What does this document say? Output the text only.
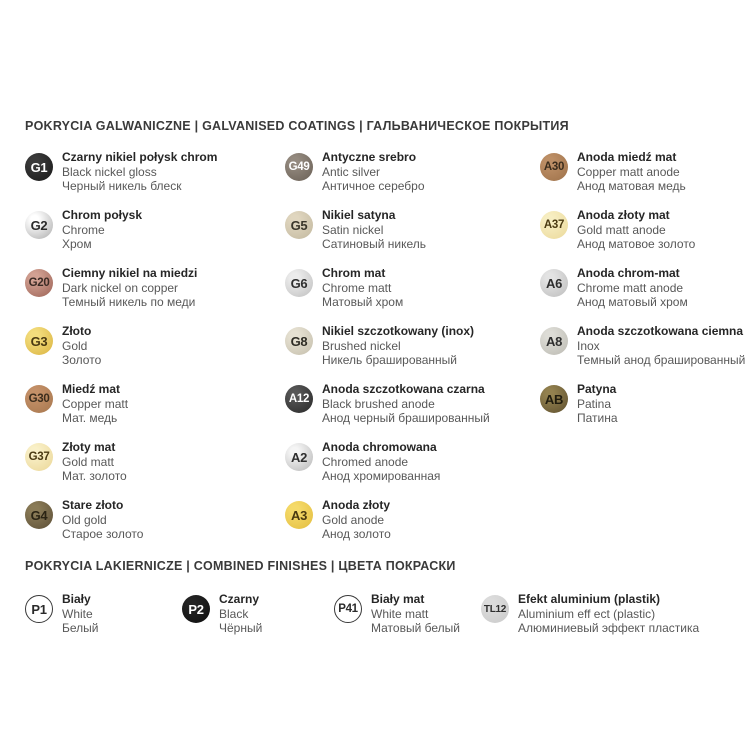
POKRYCIA GALWANICZNE | GALVANISED COATINGS | ГАЛЬВАНИЧЕСКОЕ ПОКРЫТИЯ
G1
Czarny nikiel połysk chrom
Black nickel gloss
Черный никель блеск
G2
Chrom połysk
Chrome
Хром
G20
Ciemny nikiel na miedzi
Dark nickel on copper
Темный никель по меди
G3
Złoto
Gold
Золото
G30
Miedź mat
Copper matt
Мат. медь
G37
Złoty mat
Gold matt
Мат. золото
G4
Stare złoto
Old gold
Старое золото
G49
Antyczne srebro
Antic silver
Античное серебро
G5
Nikiel satyna
Satin nickel
Сатиновый никель
G6
Chrom mat
Chrome matt
Матовый хром
G8
Nikiel szczotkowany (inox)
Brushed nickel
Никель брашированный
A12
Anoda szczotkowana czarna
Black brushed anode
Анод черный брашированный
A2
Anoda chromowana
Chromed anode
Анод хромированная
A3
Anoda złoty
Gold anode
Анод золото
A30
Anoda miedź mat
Copper matt anode
Анод матовая медь
A37
Anoda złoty mat
Gold matt anode
Анод матовое золото
A6
Anoda chrom-mat
Chrome matt anode
Анод матовый хром
A8
Anoda szczotkowana ciemna
Inox
Темный анод брашированный
AB
Patyna
Patina
Патина
POKRYCIA LAKIERNICZE | COMBINED FINISHES | ЦВЕТА ПОКРАСКИ
P1
Biały
White
Белый
P2
Czarny
Black
Чёрный
P41
Biały mat
White matt
Матовый белый
TL12
Efekt aluminium (plastik)
Aluminium eff ect (plastic)
Алюминиевый эффект пластика
